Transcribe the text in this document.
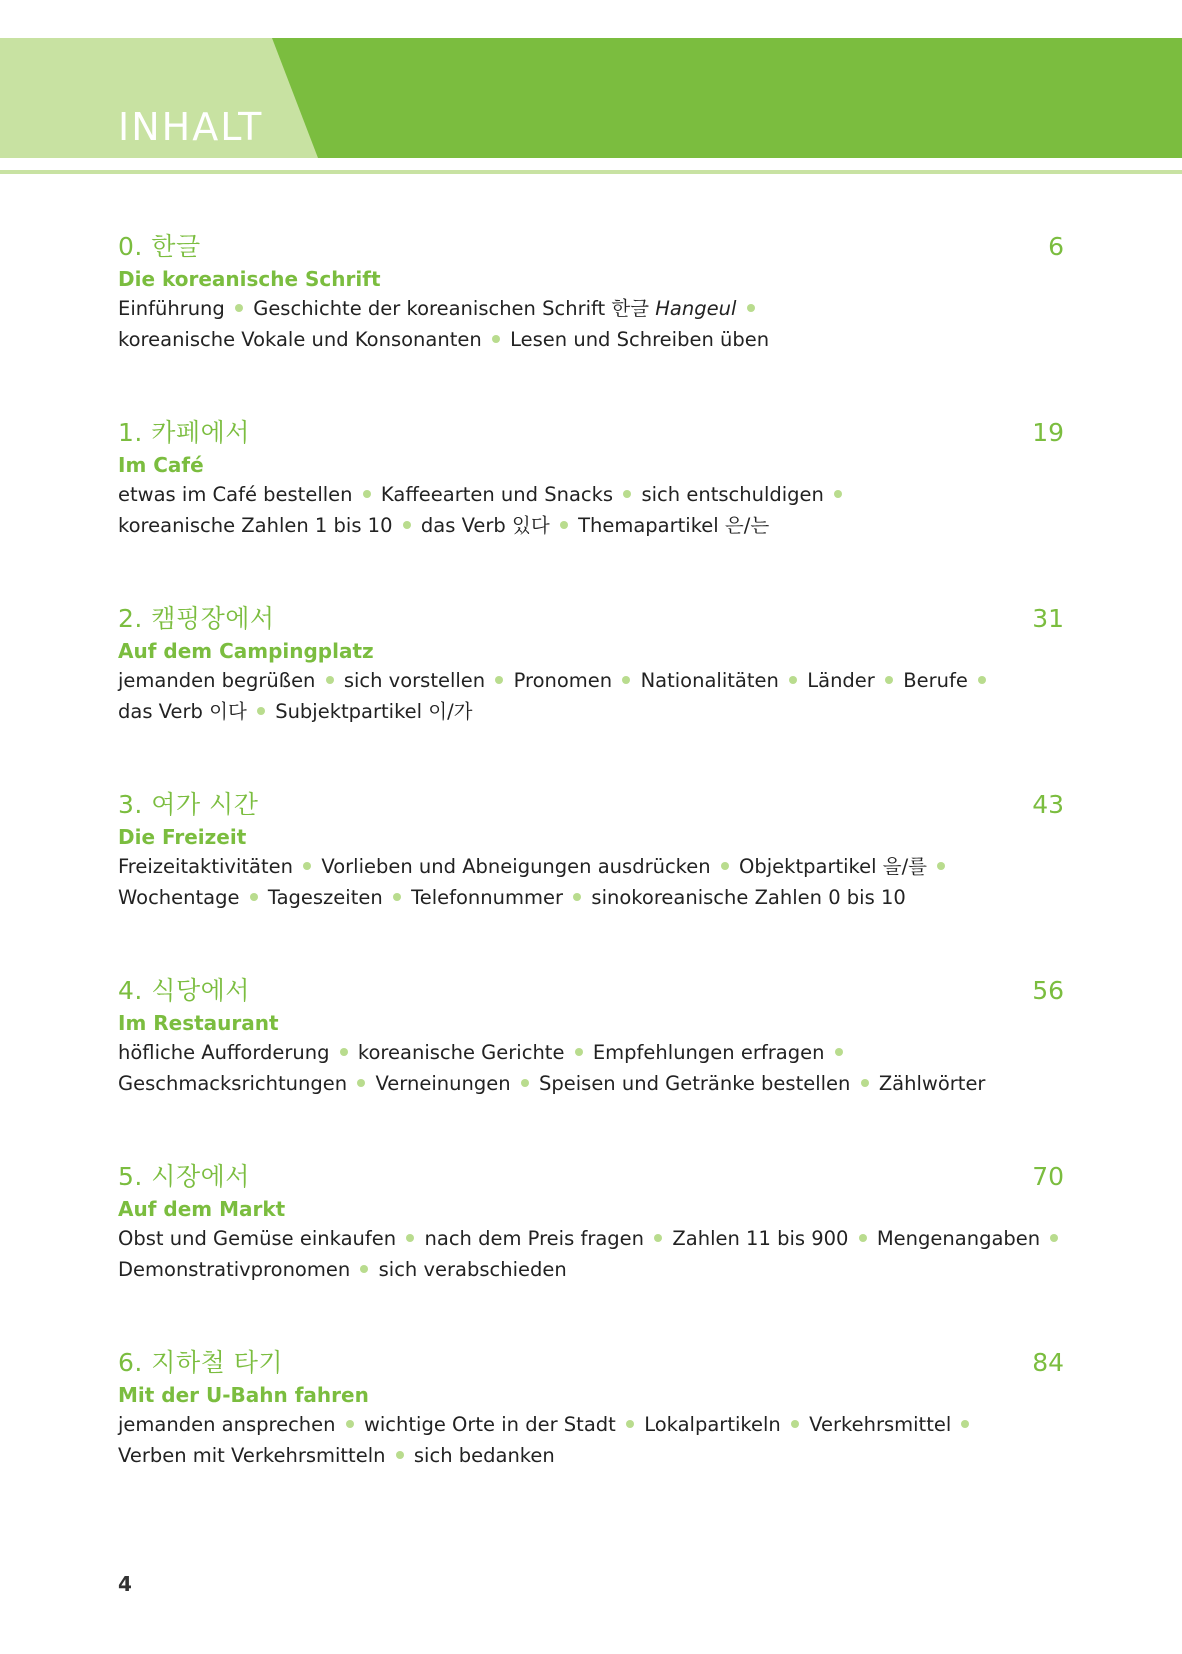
INHALT
0. 한글	6
Die koreanische Schrift
Einführung Geschichte der koreanischen Schrift 한글 Hangeul  koreanische Vokale und Konsonanten Lesen und Schreiben üben
1. 카페에서	19
Im Café
etwas im Café bestellen Kaffeearten und Snacks sich entschuldigen  koreanische Zahlen 1 bis 10 das Verb 있다 Themapartikel 은/는
2. 캠핑장에서	31
Auf dem Campingplatz
jemanden begrüßen sich vorstellen Pronomen Nationalitäten Länder Berufe  das Verb 이다 Subjektpartikel 이/가
3. 여가 시간	43
Die Freizeit
Freizeitaktivitäten Vorlieben und Abneigungen ausdrücken Objektpartikel 을/를  Wochentage Tageszeiten Telefonnummer sinokoreanische Zahlen 0 bis 10
4. 식당에서	56
Im Restaurant
höfliche Aufforderung koreanische Gerichte Empfehlungen erfragen  Geschmacksrichtungen Verneinungen Speisen und Getränke bestellen Zählwörter
5. 시장에서	70
Auf dem Markt
Obst und Gemüse einkaufen nach dem Preis fragen Zahlen 11 bis 900 Mengenangaben  Demonstrativpronomen sich verabschieden
6. 지하철 타기	84
Mit der U-Bahn fahren
jemanden ansprechen wichtige Orte in der Stadt Lokalpartikeln Verkehrsmittel  Verben mit Verkehrsmitteln sich bedanken
4
